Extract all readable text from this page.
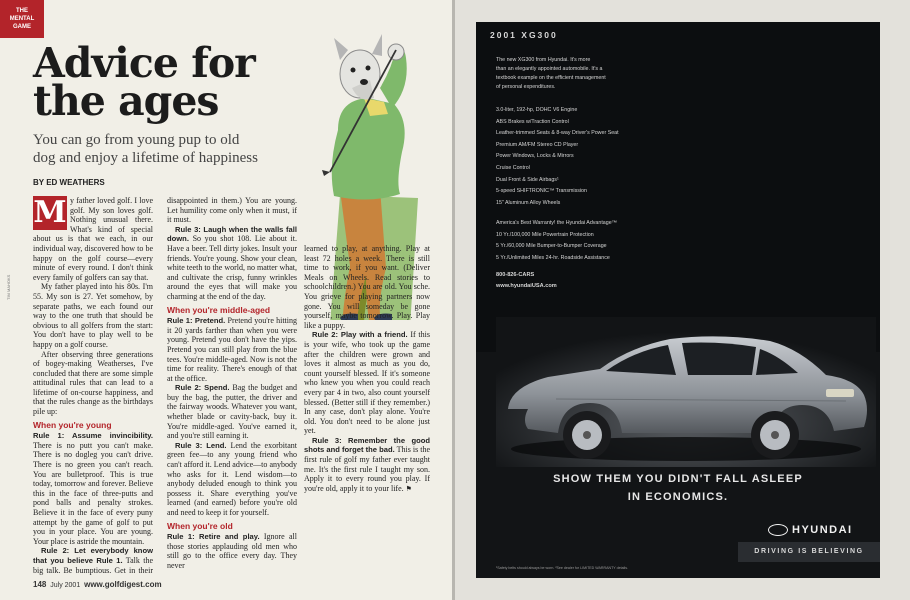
THE
MENTAL
GAME
Advice for
the ages
You can go from young pup to old dog and enjoy a lifetime of happiness
BY ED WEATHERS
TIM MAHOKS
M y father loved golf. I love golf. My son loves golf. Nothing unusual there. What's kind of special about us is that we each, in our individual way, discovered how to be happy on the golf course—every minute of every round. I don't think every family of golfers can say that.

My father played into his 80s. I'm 55. My son is 27. Yet somehow, by separate paths, we each found our way to the one truth that should be obvious to all golfers from the start: You don't have to play well to be happy on a golf course.

After observing three generations of bogey-making Weatherses, I've concluded that there are some simple attitudinal rules that can lead to a lifetime of on-course happiness, and that the rules change as the birthdays pile up:

When you're young

Rule 1: Assume invincibility. There is no putt you can't make. There is no dogleg you can't drive. There is no green you can't reach. You are bulletproof. This is true today, tomorrow and forever. Believe this in the face of three-putts and pond balls and penalty strokes. Believe it in the face of every puny attempt by the game of golf to put you in your place. You are young. Your place is astride the mountain.

Rule 2: Let everybody know that you believe Rule 1. Talk the big talk. Be bumptious. Get in their

disappointed in them.) You are young. Let humility come only when it must, if it must.

Rule 3: Laugh when the walls fall down. So you shot 108. Lie about it. Have a beer. Tell dirty jokes. Insult your friends. You're young. Show your clean, white teeth to the world, no matter what, and cultivate the crisp, funny wrinkles around the eyes that will make you charming at the end of the day.

When you're middle-aged

Rule 1: Pretend. Pretend you're hitting it 20 yards farther than when you were young. Pretend you don't have the yips. Pretend you can still play from the blue tees. You're middle-aged. Now is not the time for reality. There's enough of that at the office.

Rule 2: Spend. Bag the budget and buy the bag, the putter, the driver and the fairway woods. Whatever you want, whether blade or cavity-back, buy it. You're middle-aged. You've earned it, and you're still earning it.

Rule 3: Lend. Lend the exorbitant green fee—to any young friend who can't afford it. Lend advice—to anybody who asks for it. Lend wisdom—to anybody deluded enough to think you possess it. Share everything you've learned (and earned) before you're old and need to keep it for yourself.

When you're old

Rule 1: Retire and play. Ignore all those stories applauding old men who still go to the office every day. They never

learned to play, at anything. Play at least 72 holes a week. There is still time to work, if you want. (Deliver Meals on Wheels. Read stories to schoolchildren.) You are old. You sche. You grieve for playing partners now gone. You will someday be gone yourself, maybe tomorrow. Play. Play like a puppy.

Rule 2: Play with a friend. If this is your wife, who took up the game after the children were grown and loves it almost as much as you do, count yourself blessed. If it's someone who knew you when you could reach every par 4 in two, also count yourself blessed. (Better still if they remember.) In any case, don't play alone. You're old. You don't need to be alone just yet.

Rule 3: Remember the good shots and forget the bad. This is the first rule of golf my father ever taught me. It's the first rule I taught my son. Apply it to every round you play. If you're old, apply it to your life. ⚑

148 July 2001 www.golfdigest.com
2001 XG300
The new XG300 from Hyundai. It's more
than an elegantly appointed automobile. It's a
textbook example on the efficient management
of personal expenditures.
3.0-liter, 192-hp, DOHC V6 Engine
ABS Brakes w/Traction Control
Leather-trimmed Seats & 8-way Driver's Power Seat
Premium AM/FM Stereo CD Player
Power Windows, Locks & Mirrors
Cruise Control
Dual Front & Side Airbags¹
5-speed SHIFTRONIC™ Transmission
15" Aluminum Alloy Wheels
America's Best Warranty! the Hyundai Advantage™
10 Yr./100,000 Mile Powertrain Protection
5 Yr./60,000 Mile Bumper-to-Bumper Coverage
5 Yr./Unlimited Miles 24-hr. Roadside Assistance
800-826-CARS
www.hyundaiUSA.com
SHOW THEM YOU DIDN'T FALL ASLEEP
IN ECONOMICS.
HYUNDAI
DRIVING IS BELIEVING
¹Safety belts should always be worn. ²See dealer for LIMITED WARRANTY details.
